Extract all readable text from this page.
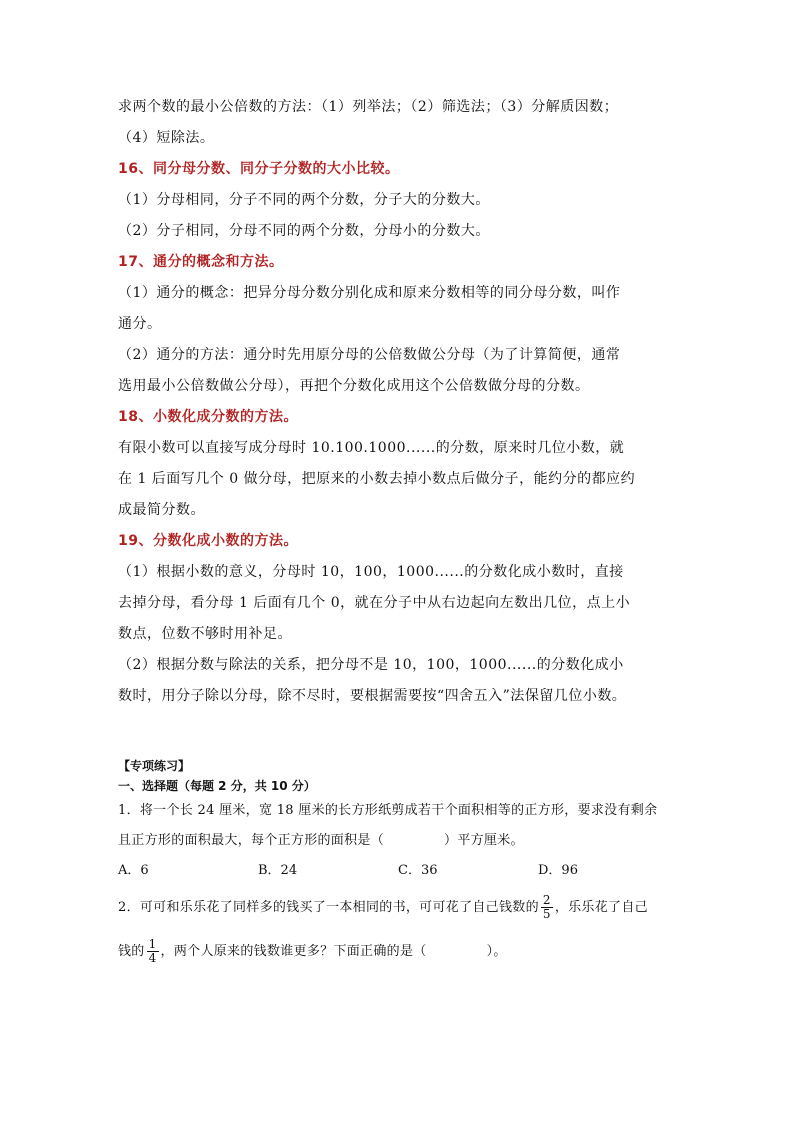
求两个数的最小公倍数的方法：（1）列举法；（2）筛选法；（3）分解质因数；

（4）短除法。

16、同分母分数、同分子分数的大小比较。

（1）分母相同，分子不同的两个分数，分子大的分数大。

（2）分子相同，分母不同的两个分数，分母小的分数大。

17、通分的概念和方法。

（1）通分的概念：把异分母分数分别化成和原来分数相等的同分母分数，叫作

通分。

（2）通分的方法：通分时先用原分母的公倍数做公分母（为了计算简便，通常

选用最小公倍数做公分母），再把个分数化成用这个公倍数做分母的分数。

18、小数化成分数的方法。

有限小数可以直接写成分母时 10.100.1000......的分数，原来时几位小数，就

在 1 后面写几个 0 做分母，把原来的小数去掉小数点后做分子，能约分的都应约

成最简分数。

19、分数化成小数的方法。

（1）根据小数的意义，分母时 10，100，1000......的分数化成小数时，直接

去掉分母，看分母 1 后面有几个 0，就在分子中从右边起向左数出几位，点上小

数点，位数不够时用补足。

（2）根据分数与除法的关系，把分母不是 10，100，1000......的分数化成小

数时，用分子除以分母，除不尽时，要根据需要按“四舍五入”法保留几位小数。

【专项练习】

一、选择题（每题 2 分，共 10 分）

1．将一个长 24 厘米，宽 18 厘米的长方形纸剪成若干个面积相等的正方形，要求没有剩余

且正方形的面积最大，每个正方形的面积是（	）平方厘米。

A．6	B．24	C．36	D．96

2．可可和乐乐花了同样多的钱买了一本相同的书，可可花了自己钱数的 $\frac{2}{5}$ ，乐乐花了自己

钱的 $\frac{1}{4}$ ，两个人原来的钱数谁更多？下面正确的是（	）。
